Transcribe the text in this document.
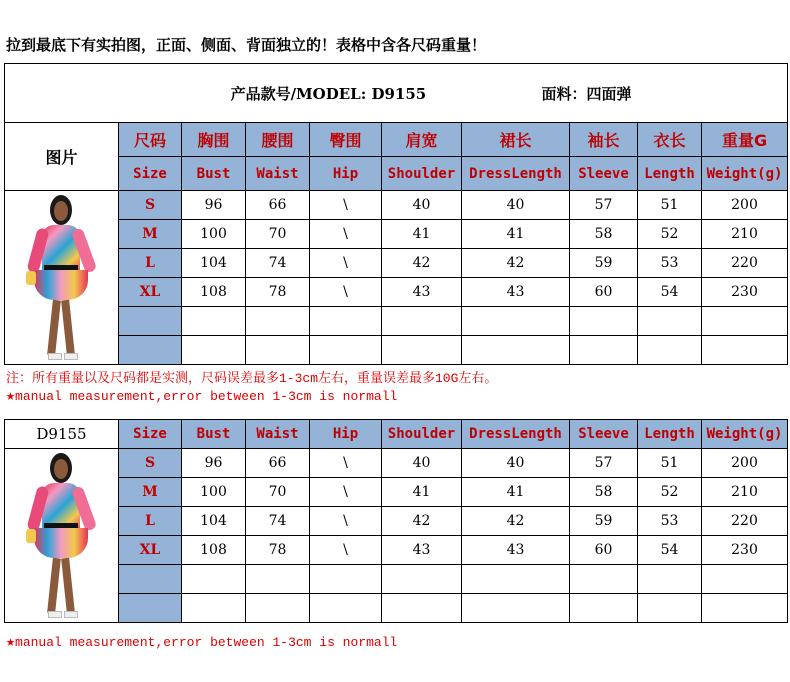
拉到最底下有实拍图，正面、侧面、背面独立的！表格中含各尺码重量！
产品款号/MODEL: D9155 面料：四面弹									
图片	尺码	胸围	腰围	臀围	肩宽	裙长	袖长	衣长	重量G
	Size	Bust	Waist	Hip	Shoulder	DressLength	Sleeve	Length	Weight(g)

	S	96	66	\	40	40	57	51	200
	M	100	70	\	41	41	58	52	210
	L	104	74	\	42	42	59	53	220
	XL	108	78	\	43	43	60	54	230

注：所有重量以及尺码都是实测，尺码误差最多1-3cm左右，重量误差最多10G左右。
★manual measurement,error between 1-3cm is normall
D9155	Size	Bust	Waist	Hip	Shoulder	DressLength	Sleeve	Length	Weight(g)

	S	96	66	\	40	40	57	51	200
	M	100	70	\	41	41	58	52	210
	L	104	74	\	42	42	59	53	220
	XL	108	78	\	43	43	60	54	230

★manual measurement,error between 1-3cm is normall
